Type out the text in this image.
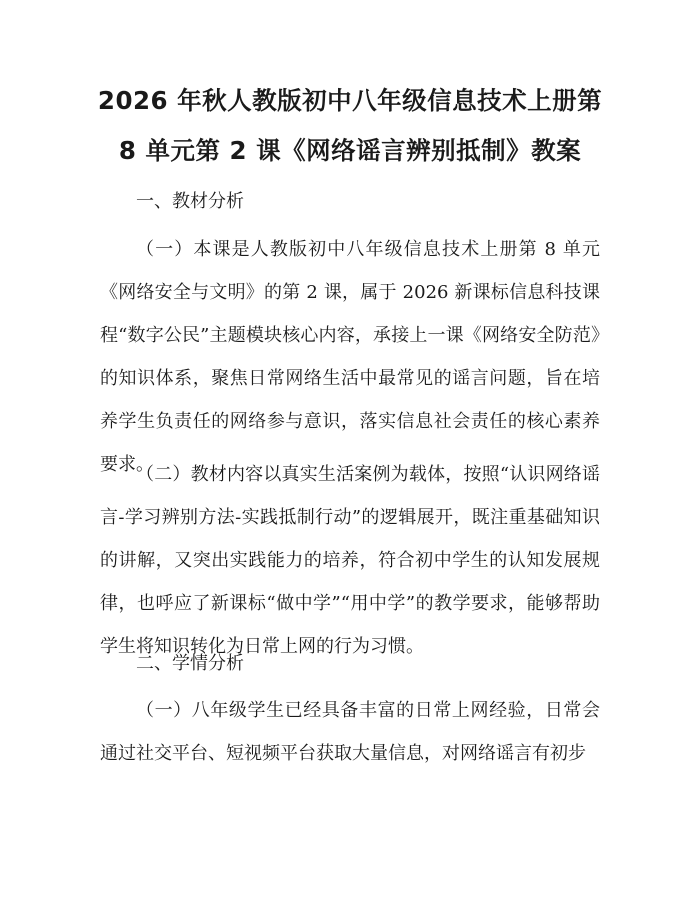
2026 年秋人教版初中八年级信息技术上册第
8 单元第 2 课《网络谣言辨别抵制》教案
一、教材分析
（一）本课是人教版初中八年级信息技术上册第 8 单元《网络安全与文明》的第 2 课，属于 2026 新课标信息科技课程“数字公民”主题模块核心内容，承接上一课《网络安全防范》的知识体系，聚焦日常网络生活中最常见的谣言问题，旨在培养学生负责任的网络参与意识，落实信息社会责任的核心素养要求。
（二）教材内容以真实生活案例为载体，按照“认识网络谣言-学习辨别方法-实践抵制行动”的逻辑展开，既注重基础知识的讲解，又突出实践能力的培养，符合初中学生的认知发展规律，也呼应了新课标“做中学”“用中学”的教学要求，能够帮助学生将知识转化为日常上网的行为习惯。
二、学情分析
（一）八年级学生已经具备丰富的日常上网经验，日常会通过社交平台、短视频平台获取大量信息，对网络谣言有初步
